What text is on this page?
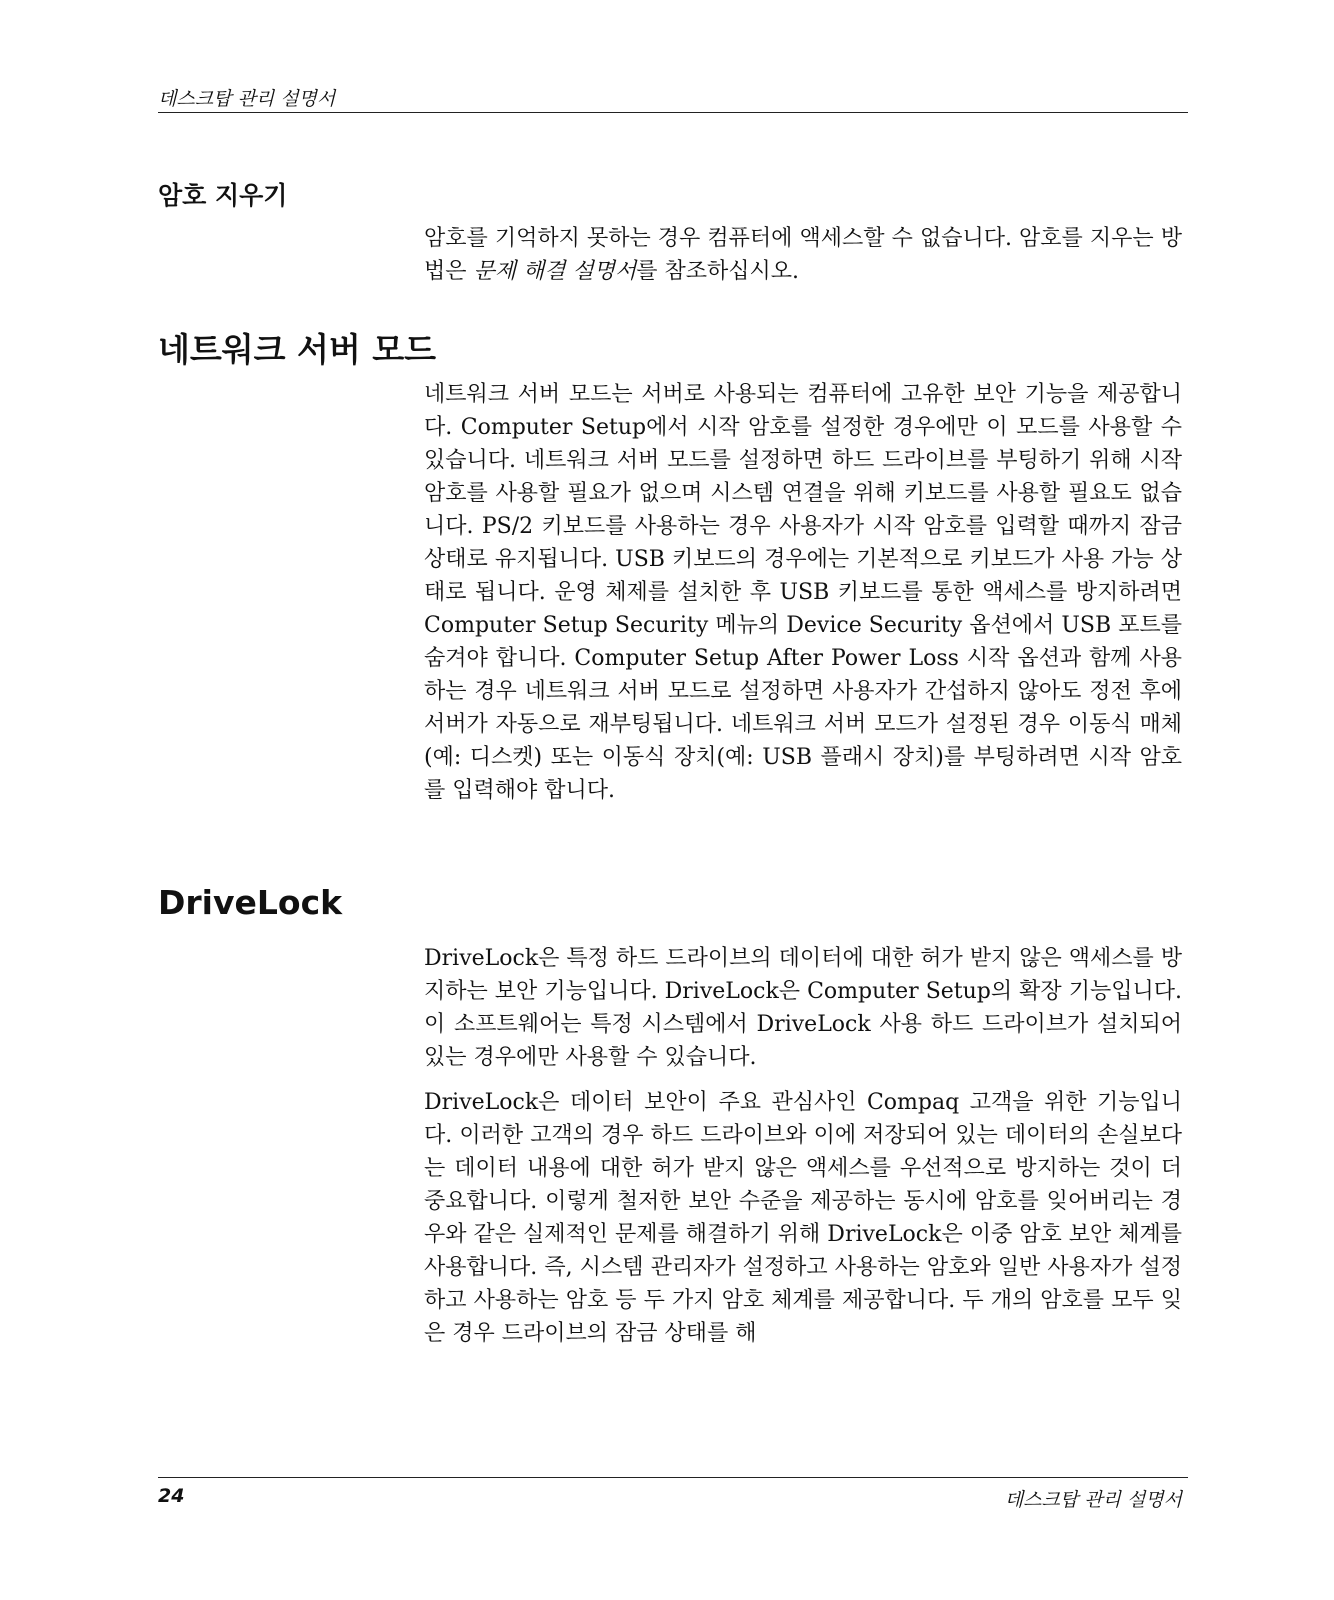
데스크탑 관리 설명서
암호 지우기

암호를 기억하지 못하는 경우 컴퓨터에 액세스할 수 없습니다. 암호를 지우는 방법은 문제 해결 설명서를 참조하십시오.

네트워크 서버 모드

네트워크 서버 모드는 서버로 사용되는 컴퓨터에 고유한 보안 기능을 제공합니다. Computer Setup에서 시작 암호를 설정한 경우에만 이 모드를 사용할 수 있습니다. 네트워크 서버 모드를 설정하면 하드 드라이브를 부팅하기 위해 시작 암호를 사용할 필요가 없으며 시스템 연결을 위해 키보드를 사용할 필요도 없습니다. PS/2 키보드를 사용하는 경우 사용자가 시작 암호를 입력할 때까지 잠금 상태로 유지됩니다. USB 키보드의 경우에는 기본적으로 키보드가 사용 가능 상태로 됩니다. 운영 체제를 설치한 후 USB 키보드를 통한 액세스를 방지하려면 Computer Setup Security 메뉴의 Device Security 옵션에서 USB 포트를 숨겨야 합니다. Computer Setup After Power Loss 시작 옵션과 함께 사용하는 경우 네트워크 서버 모드로 설정하면 사용자가 간섭하지 않아도 정전 후에 서버가 자동으로 재부팅됩니다. 네트워크 서버 모드가 설정된 경우 이동식 매체(예: 디스켓) 또는 이동식 장치(예: USB 플래시 장치)를 부팅하려면 시작 암호를 입력해야 합니다.

DriveLock

DriveLock은 특정 하드 드라이브의 데이터에 대한 허가 받지 않은 액세스를 방지하는 보안 기능입니다. DriveLock은 Computer Setup의 확장 기능입니다. 이 소프트웨어는 특정 시스템에서 DriveLock 사용 하드 드라이브가 설치되어 있는 경우에만 사용할 수 있습니다.

DriveLock은 데이터 보안이 주요 관심사인 Compaq 고객을 위한 기능입니다. 이러한 고객의 경우 하드 드라이브와 이에 저장되어 있는 데이터의 손실보다는 데이터 내용에 대한 허가 받지 않은 액세스를 우선적으로 방지하는 것이 더 중요합니다. 이렇게 철저한 보안 수준을 제공하는 동시에 암호를 잊어버리는 경우와 같은 실제적인 문제를 해결하기 위해 DriveLock은 이중 암호 보안 체계를 사용합니다. 즉, 시스템 관리자가 설정하고 사용하는 암호와 일반 사용자가 설정하고 사용하는 암호 등 두 가지 암호 체계를 제공합니다. 두 개의 암호를 모두 잊은 경우 드라이브의 잠금 상태를 해

24	데스크탑 관리 설명서
